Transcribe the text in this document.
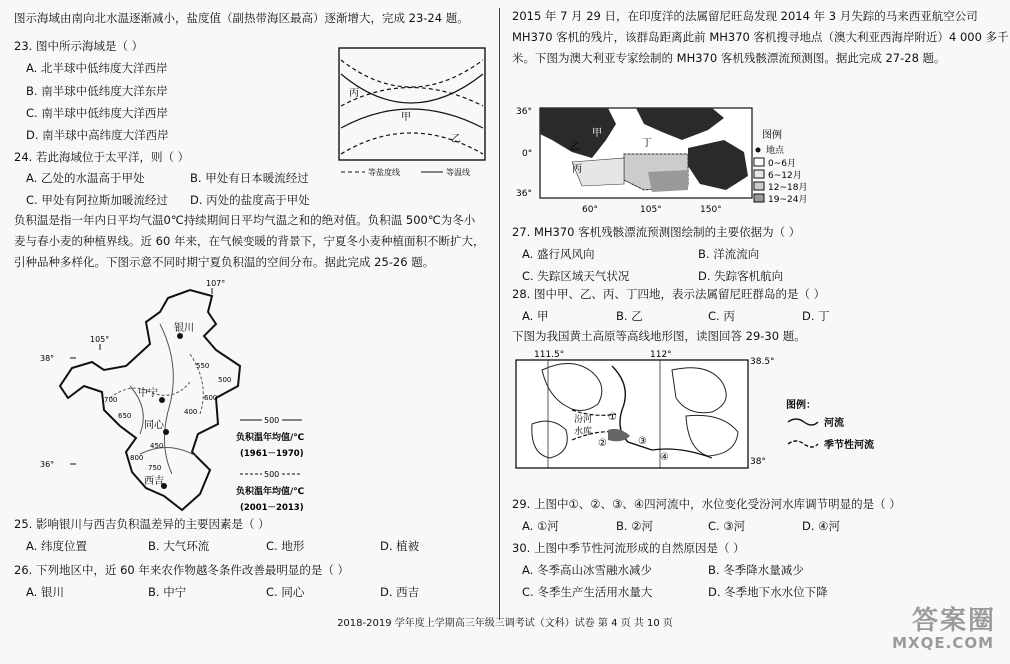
图示海域由南向北水温逐渐减小，盐度值（副热带海区最高）逐渐增大，完成 23-24 题。
23. 图中所示海域是（ ）
A. 北半球中低纬度大洋西岸
B. 南半球中低纬度大洋东岸
C. 南半球中低纬度大洋西岸
D. 南半球中高纬度大洋西岸
丙
甲
乙
等盐度线	等温线
24. 若此海域位于太平洋，则（ ）
A. 乙处的水温高于甲处	B. 甲处有日本暖流经过
C. 甲处有阿拉斯加暖流经过 D. 丙处的盐度高于甲处
负积温是指一年内日平均气温0℃持续期间日平均气温之和的绝对值。负积温 500℃为冬小
麦与春小麦的种植界线。近 60 年来，在气候变暖的背景下，宁夏冬小麦种植面积不断扩大，
引种品种多样化。下图示意不同时期宁夏负积温的空间分布。据此完成 25-26 题。
107°
105°
38°
36°
银川
中宁
同心
西吉
500
550
600
650
700
750
800
450
400
500
负积温年均值/℃
(1961－1970)
500
负积温年均值/℃
(2001－2013)
25. 影响银川与西吉负积温差异的主要因素是（ ）
A. 纬度位置	B. 大气环流	C. 地形	D. 植被
26. 下列地区中，近 60 年来农作物越冬条件改善最明显的是（ ）
A. 银川	B. 中宁	C. 同心	D. 西吉
2015 年 7 月 29 日，在印度洋的法属留尼旺岛发现 2014 年 3 月失踪的马来西亚航空公司
MH370 客机的残片，该群岛距离此前 MH370 客机搜寻地点（澳大利亚西海岸附近）4 000 多千
米。下图为澳大利亚专家绘制的 MH370 客机残骸漂流预测图。据此完成 27-28 题。
36°
0°
36°
60°	105°	150°
甲
乙
丙
丁
图例
地点
0~6月
6~12月
12~18月
19~24月
27. MH370 客机残骸漂流预测图绘制的主要依据为（ ）
A. 盛行风风向	B. 洋流流向
C. 失踪区域天气状况	D. 失踪客机航向
28. 图中甲、乙、丙、丁四地，表示法属留尼旺群岛的是（ ）
A. 甲	B. 乙	C. 丙	D. 丁
下图为我国黄土高原等高线地形图，读图回答 29-30 题。
111.5°	112°
38.5°
38°
汾河
水库
①
②	③
④
图例：
河流
季节性河流
29. 上图中①、②、③、④四河流中，水位变化受汾河水库调节明显的是（ ）
A. ①河	B. ②河	C. ③河	D. ④河
30. 上图中季节性河流形成的自然原因是（ ）
A. 冬季高山冰雪融水减少	B. 冬季降水量减少
C. 冬季生产生活用水量大	D. 冬季地下水水位下降
2018-2019 学年度上学期高三年级三调考试（文科）试卷 第 4 页 共 10 页	答案圈
MXQE.COM
